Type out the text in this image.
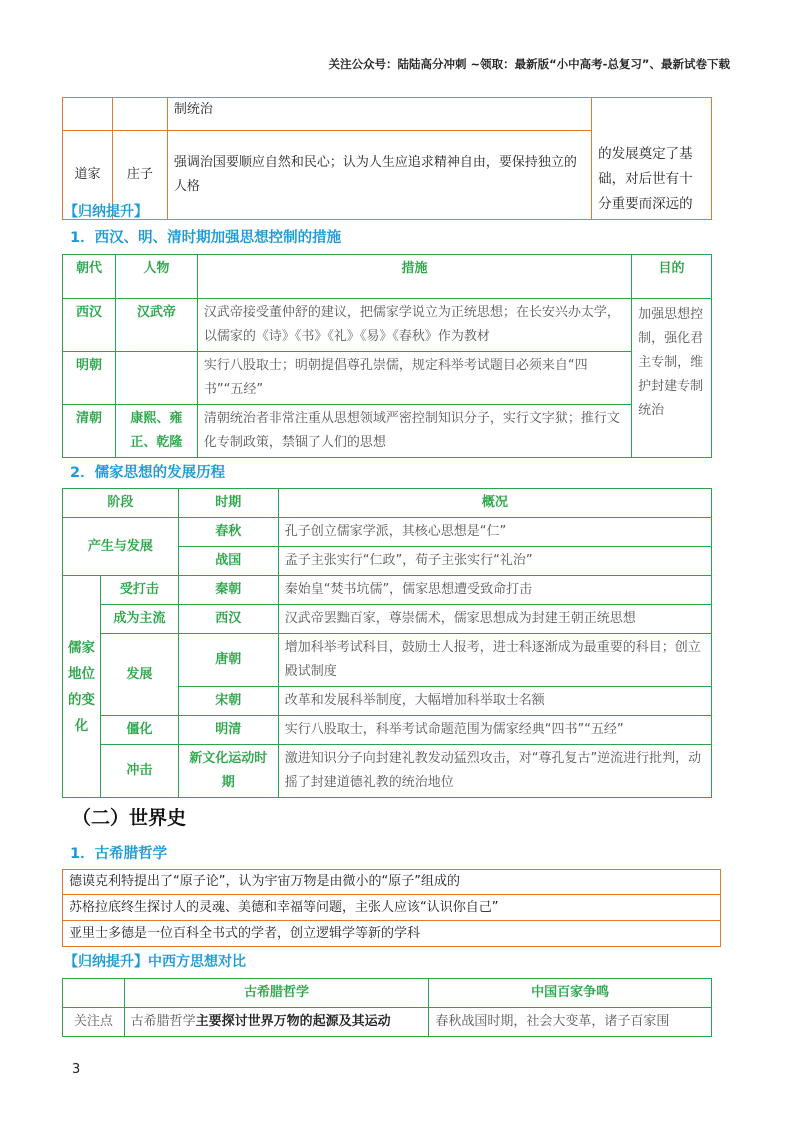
关注公众号：陆陆高分冲刺 ~领取：最新版“小中高考-总复习”、最新试卷下载
		制统治	的发展奠定了基础，对后世有十分重要而深远的
道家	庄子	强调治国要顺应自然和民心；认为人生应追求精神自由，要保持独立的人格	
【归纳提升】
1．西汉、明、清时期加强思想控制的措施
朝代	人物	措施	目的
西汉	汉武帝	汉武帝接受董仲舒的建议，把儒家学说立为正统思想；在长安兴办太学，以儒家的《诗》《书》《礼》《易》《春秋》作为教材	加强思想控制，强化君主专制，维护封建专制统治
明朝		实行八股取士；明朝提倡尊孔崇儒，规定科举考试题目必须来自“四书”“五经”	
清朝	康熙、雍正、乾隆	清朝统治者非常注重从思想领域严密控制知识分子，实行文字狱；推行文化专制政策，禁锢了人们的思想	
2．儒家思想的发展历程
阶段		时期	概况
产生与发展		春秋	孔子创立儒家学派，其核心思想是“仁”
		战国	孟子主张实行“仁政”，荀子主张实行“礼治”
儒家地位的变化	受打击	秦朝	秦始皇“焚书坑儒”，儒家思想遭受致命打击
	成为主流	西汉	汉武帝罢黜百家，尊崇儒术，儒家思想成为封建王朝正统思想
	发展	唐朝	增加科举考试科目，鼓励士人报考，进士科逐渐成为最重要的科目；创立殿试制度
		宋朝	改革和发展科举制度，大幅增加科举取士名额
	僵化	明清	实行八股取士，科举考试命题范围为儒家经典“四书”“五经”
	冲击	新文化运动时期	激进知识分子向封建礼教发动猛烈攻击，对“尊孔复古”逆流进行批判，动摇了封建道德礼教的统治地位
（二）世界史
1．古希腊哲学
德谟克利特提出了“原子论”，认为宇宙万物是由微小的“原子”组成的
苏格拉底终生探讨人的灵魂、美德和幸福等问题，主张人应该“认识你自己”
亚里士多德是一位百科全书式的学者，创立逻辑学等新的学科
【归纳提升】中西方思想对比
	古希腊哲学	中国百家争鸣
关注点	古希腊哲学主要探讨世界万物的起源及其运动	春秋战国时期，社会大变革，诸子百家围
3
